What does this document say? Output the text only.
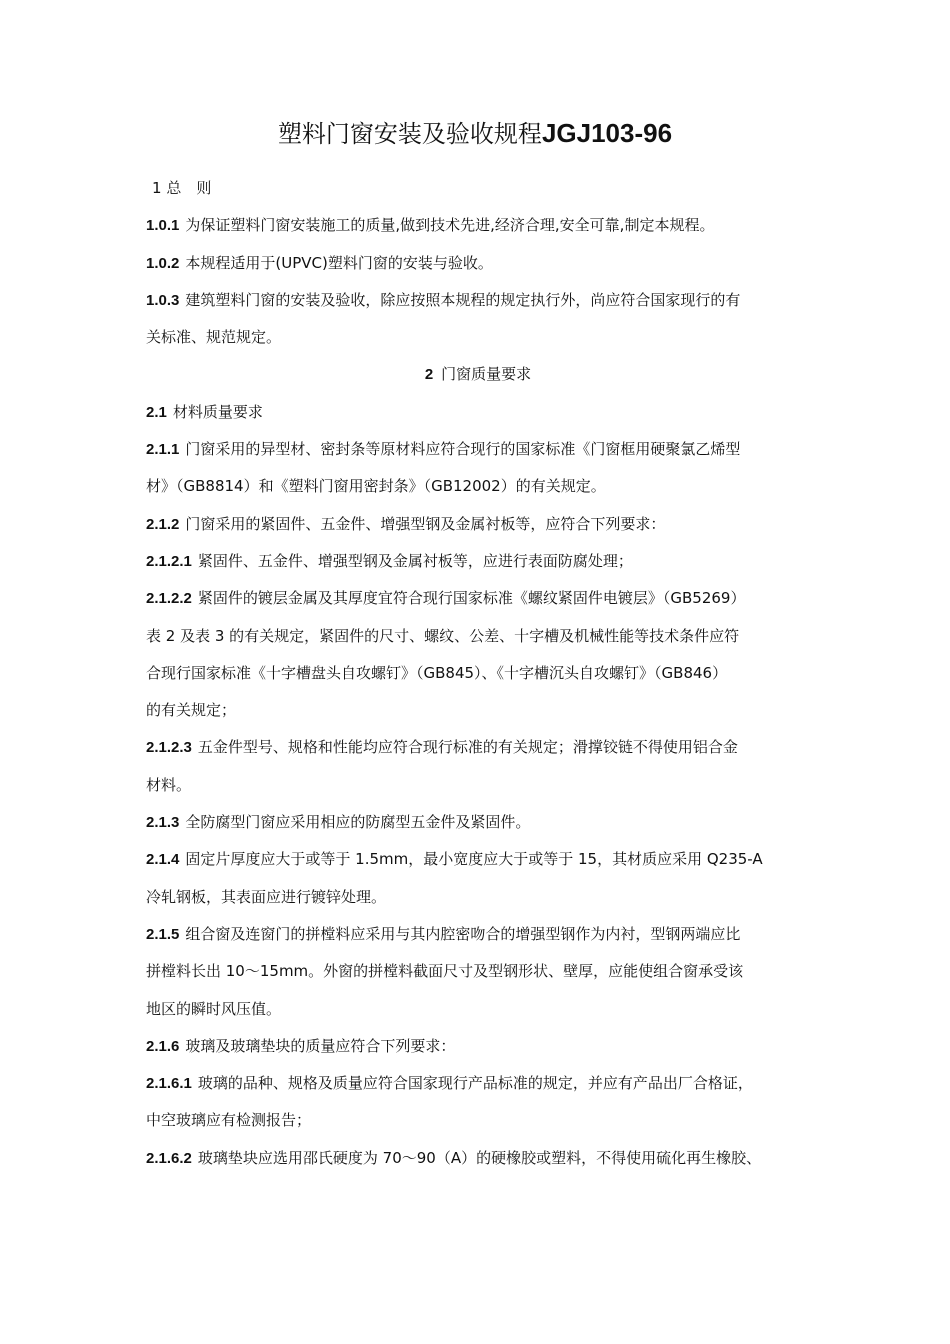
塑料门窗安装及验收规程JGJ103-96

1 总　则

1.0.1 为保证塑料门窗安装施工的质量,做到技术先进,经济合理,安全可靠,制定本规程。

1.0.2 本规程适用于(UPVC)塑料门窗的安装与验收。

1.0.3 建筑塑料门窗的安装及验收，除应按照本规程的规定执行外，尚应符合国家现行的有
关标准、规范规定。

2 门窗质量要求

2.1 材料质量要求

2.1.1 门窗采用的异型材、密封条等原材料应符合现行的国家标准《门窗框用硬聚氯乙烯型
材》（GB8814）和《塑料门窗用密封条》（GB12002）的有关规定。

2.1.2 门窗采用的紧固件、五金件、增强型钢及金属衬板等，应符合下列要求：

2.1.2.1 紧固件、五金件、增强型钢及金属衬板等，应进行表面防腐处理；

2.1.2.2 紧固件的镀层金属及其厚度宜符合现行国家标准《螺纹紧固件电镀层》（GB5269）
表 2 及表 3 的有关规定，紧固件的尺寸、螺纹、公差、十字槽及机械性能等技术条件应符
合现行国家标准《十字槽盘头自攻螺钉》（GB845）、《十字槽沉头自攻螺钉》（GB846）
的有关规定；

2.1.2.3 五金件型号、规格和性能均应符合现行标准的有关规定；滑撑铰链不得使用铝合金
材料。

2.1.3 全防腐型门窗应采用相应的防腐型五金件及紧固件。

2.1.4 固定片厚度应大于或等于 1.5mm，最小宽度应大于或等于 15，其材质应采用 Q235-A
冷轧钢板，其表面应进行镀锌处理。

2.1.5 组合窗及连窗门的拼樘料应采用与其内腔密吻合的增强型钢作为内衬，型钢两端应比
拼樘料长出 10～15mm。外窗的拼樘料截面尺寸及型钢形状、壁厚，应能使组合窗承受该
地区的瞬时风压值。

2.1.6 玻璃及玻璃垫块的质量应符合下列要求：

2.1.6.1 玻璃的品种、规格及质量应符合国家现行产品标准的规定，并应有产品出厂合格证，
中空玻璃应有检测报告；

2.1.6.2 玻璃垫块应选用邵氏硬度为 70～90（A）的硬橡胶或塑料，不得使用硫化再生橡胶、
